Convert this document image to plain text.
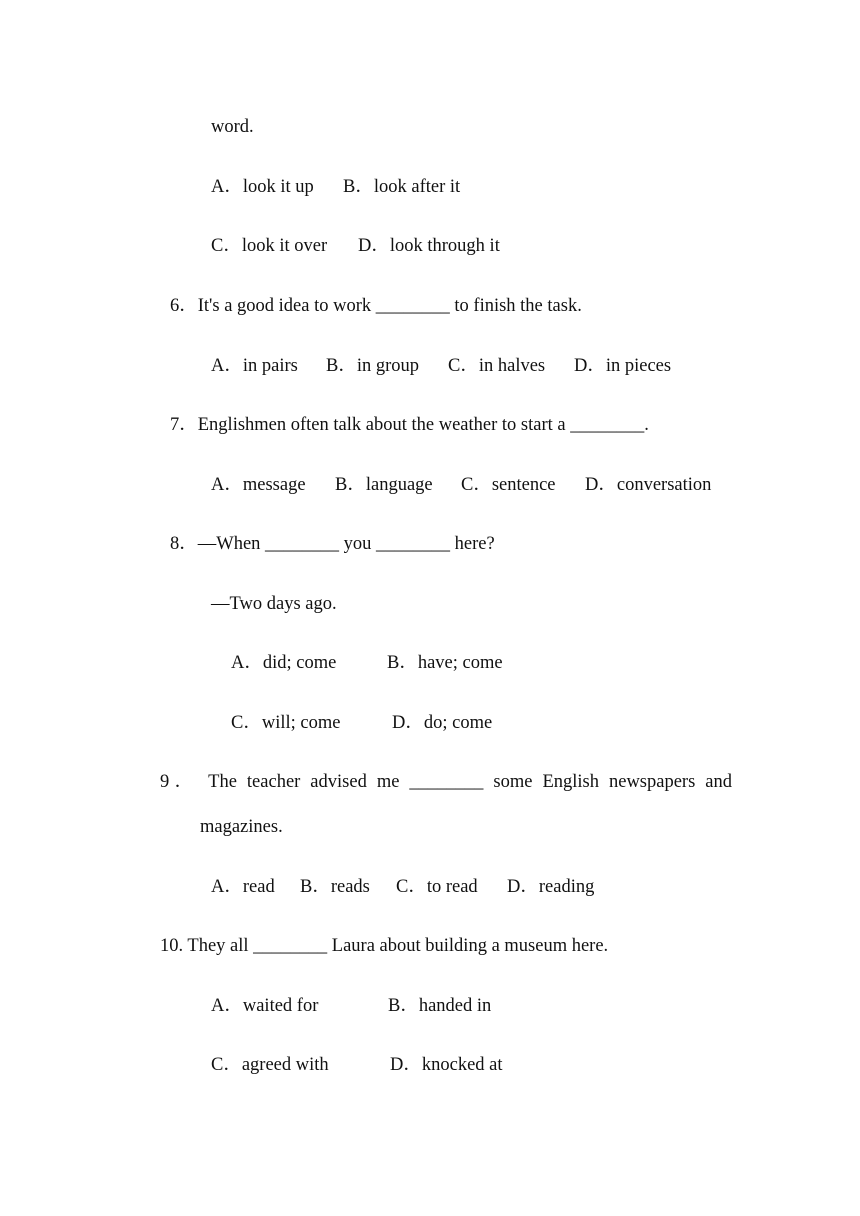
word.
A．look it up B．look after it
C．look it over D．look through it
6．It's a good idea to work ________ to finish the task.
A．in pairs B．in group C．in halves D．in pieces
7．Englishmen often talk about the weather to start a ________.
A．message B．language C．sentence D．conversation
8．—When ________ you ________ here?
—Two days ago.
A．did; come	B．have; come
C．will; come	D．do; come
9． The teacher advised me ________ some English newspapers and
magazines.
A．read B．reads C．to read D．reading
10. They all ________ Laura about building a museum here.
A．waited for	B．handed in
C．agreed with	D．knocked at
